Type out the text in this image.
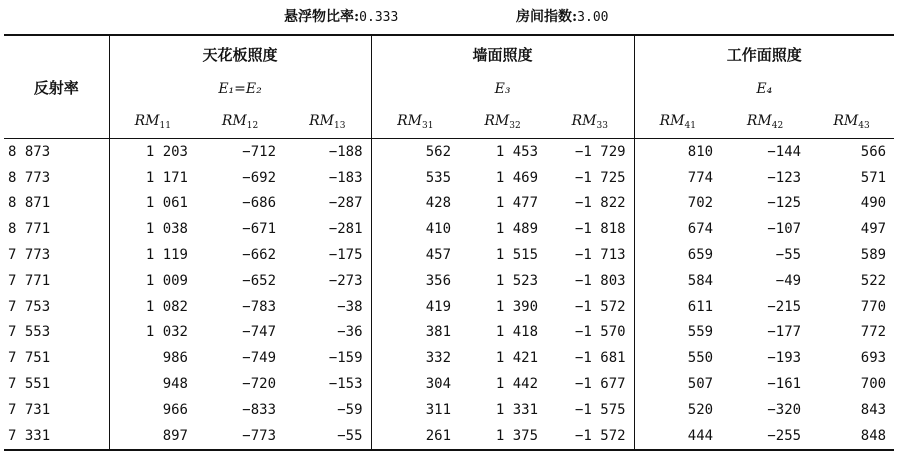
悬浮物比率:0.333	房间指数:3.00
反射率	天花板照度			墙面照度			工作面照度		
	E₁=E₂			E₃			E₄		
	$RM_{11}$	$RM_{12}$	$RM_{13}$	$RM_{31}$	$RM_{32}$	$RM_{33}$	$RM_{41}$	$RM_{42}$	$RM_{43}$
8 873	1 203	−712	−188	562	1 453	−1 729	810	−144	566
8 773	1 171	−692	−183	535	1 469	−1 725	774	−123	571
8 871	1 061	−686	−287	428	1 477	−1 822	702	−125	490
8 771	1 038	−671	−281	410	1 489	−1 818	674	−107	497
7 773	1 119	−662	−175	457	1 515	−1 713	659	−55	589
7 771	1 009	−652	−273	356	1 523	−1 803	584	−49	522
7 753	1 082	−783	−38	419	1 390	−1 572	611	−215	770
7 553	1 032	−747	−36	381	1 418	−1 570	559	−177	772
7 751	986	−749	−159	332	1 421	−1 681	550	−193	693
7 551	948	−720	−153	304	1 442	−1 677	507	−161	700
7 731	966	−833	−59	311	1 331	−1 575	520	−320	843
7 331	897	−773	−55	261	1 375	−1 572	444	−255	848
